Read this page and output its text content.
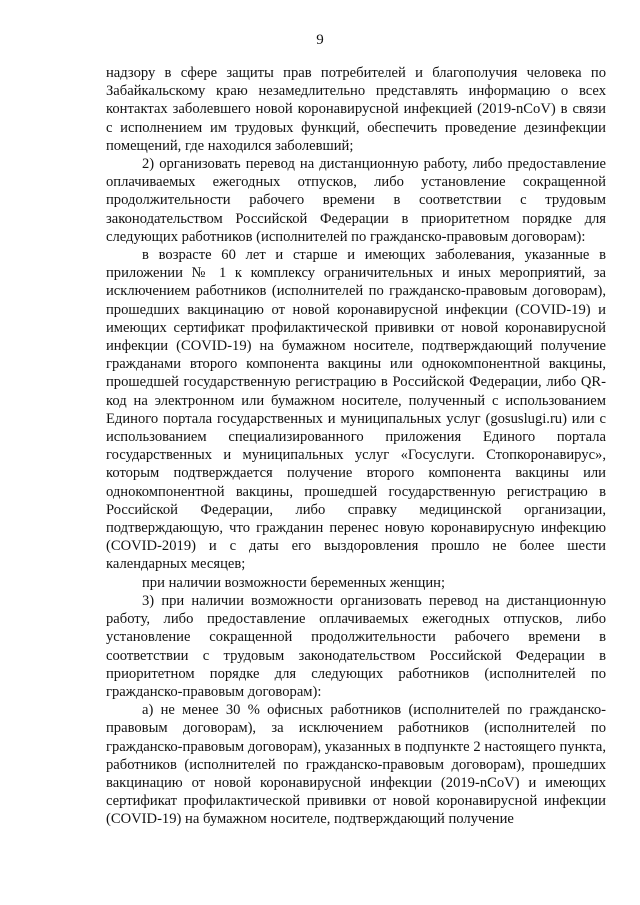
9

надзору в сфере защиты прав потребителей и благополучия человека по Забайкальскому краю незамедлительно представлять информацию о всех контактах заболевшего новой коронавирусной инфекцией (2019-nCoV) в связи с исполнением им трудовых функций, обеспечить проведение дезинфекции помещений, где находился заболевший;

2) организовать перевод на дистанционную работу, либо предоставление оплачиваемых ежегодных отпусков, либо установление сокращенной продолжительности рабочего времени в соответствии с трудовым законодательством Российской Федерации в приоритетном порядке для следующих работников (исполнителей по гражданско-правовым договорам):

в возрасте 60 лет и старше и имеющих заболевания, указанные в приложении № 1 к комплексу ограничительных и иных мероприятий, за исключением работников (исполнителей по гражданско-правовым договорам), прошедших вакцинацию от новой коронавирусной инфекции (COVID-19) и имеющих сертификат профилактической прививки от новой коронавирусной инфекции (COVID-19) на бумажном носителе, подтверждающий получение гражданами второго компонента вакцины или однокомпонентной вакцины, прошедшей государственную регистрацию в Российской Федерации, либо QR-код на электронном или бумажном носителе, полученный с использованием Единого портала государственных и муниципальных услуг (gosuslugi.ru) или с использованием специализированного приложения Единого портала государственных и муниципальных услуг «Госуслуги. Стопкоронавирус», которым подтверждается получение второго компонента вакцины или однокомпонентной вакцины, прошедшей государственную регистрацию в Российской Федерации, либо справку медицинской организации, подтверждающую, что гражданин перенес новую коронавирусную инфекцию (COVID-2019) и с даты его выздоровления прошло не более шести календарных месяцев;

при наличии возможности беременных женщин;

3) при наличии возможности организовать перевод на дистанционную работу, либо предоставление оплачиваемых ежегодных отпусков, либо установление сокращенной продолжительности рабочего времени в соответствии с трудовым законодательством Российской Федерации в приоритетном порядке для следующих работников (исполнителей по гражданско-правовым договорам):

а) не менее 30 % офисных работников (исполнителей по гражданско-правовым договорам), за исключением работников (исполнителей по гражданско-правовым договорам), указанных в подпункте 2 настоящего пункта, работников (исполнителей по гражданско-правовым договорам), прошедших вакцинацию от новой коронавирусной инфекции (2019-nCoV) и имеющих сертификат профилактической прививки от новой коронавирусной инфекции (COVID-19) на бумажном носителе, подтверждающий получение
